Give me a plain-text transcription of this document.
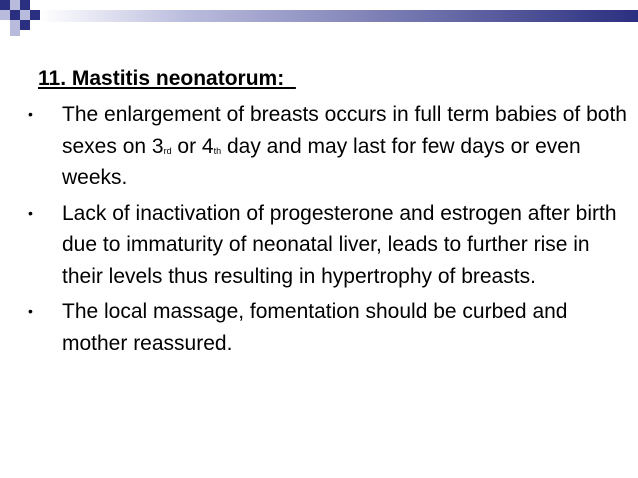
11. Mastitis neonatorum:
• The enlargement of breasts occurs in full term babies of both sexes on 3rd or 4th day and may last for few days or even weeks.
• Lack of inactivation of progesterone and estrogen after birth due to immaturity of neonatal liver, leads to further rise in their levels thus resulting in hypertrophy of breasts.
• The local massage, fomentation should be curbed and mother reassured.
